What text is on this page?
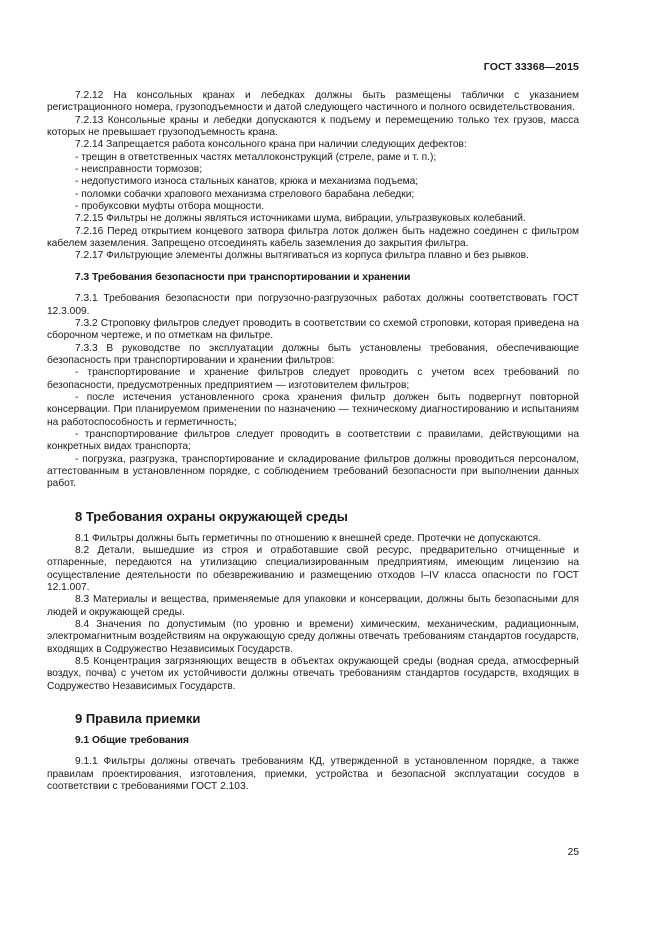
ГОСТ 33368—2015

7.2.12 На консольных кранах и лебедках должны быть размещены таблички с указанием регистрационного номера, грузоподъемности и датой следующего частичного и полного освидетельствования.

7.2.13 Консольные краны и лебедки допускаются к подъему и перемещению только тех грузов, масса которых не превышает грузоподъемность крана.

7.2.14 Запрещается работа консольного крана при наличии следующих дефектов:

- трещин в ответственных частях металлоконструкций (стреле, раме и т. п.);

- неисправности тормозов;

- недопустимого износа стальных канатов, крюка и механизма подъема;

- поломки собачки храпового механизма стрелового барабана лебедки;

- пробуксовки муфты отбора мощности.

7.2.15 Фильтры не должны являться источниками шума, вибрации, ультразвуковых колебаний.

7.2.16 Перед открытием концевого затвора фильтра лоток должен быть надежно соединен с фильтром кабелем заземления. Запрещено отсоединять кабель заземления до закрытия фильтра.

7.2.17 Фильтрующие элементы должны вытягиваться из корпуса фильтра плавно и без рывков.

7.3 Требования безопасности при транспортировании и хранении

7.3.1 Требования безопасности при погрузочно-разгрузочных работах должны соответствовать ГОСТ 12.3.009.

7.3.2 Строповку фильтров следует проводить в соответствии со схемой строповки, которая приведена на сборочном чертеже, и по отметкам на фильтре.

7.3.3 В руководстве по эксплуатации должны быть установлены требования, обеспечивающие безопасность при транспортировании и хранении фильтров:

- транспортирование и хранение фильтров следует проводить с учетом всех требований по безопасности, предусмотренных предприятием — изготовителем фильтров;

- после истечения установленного срока хранения фильтр должен быть подвергнут повторной консервации. При планируемом применении по назначению — техническому диагностированию и испытаниям на работоспособность и герметичность;

- транспортирование фильтров следует проводить в соответствии с правилами, действующими на конкретных видах транспорта;

- погрузка, разгрузка, транспортирование и складирование фильтров должны проводиться персоналом, аттестованным в установленном порядке, с соблюдением требований безопасности при выполнении данных работ.

8 Требования охраны окружающей среды

8.1 Фильтры должны быть герметичны по отношению к внешней среде. Протечки не допускаются.

8.2 Детали, вышедшие из строя и отработавшие свой ресурс, предварительно отчищенные и отпаренные, передаются на утилизацию специализированным предприятиям, имеющим лицензию на осуществление деятельности по обезвреживанию и размещению отходов I–IV класса опасности по ГОСТ 12.1.007.

8.3 Материалы и вещества, применяемые для упаковки и консервации, должны быть безопасными для людей и окружающей среды.

8.4 Значения по допустимым (по уровню и времени) химическим, механическим, радиационным, электромагнитным воздействиям на окружающую среду должны отвечать требованиям стандартов государств, входящих в Содружество Независимых Государств.

8.5 Концентрация загрязняющих веществ в объектах окружающей среды (водная среда, атмосферный воздух, почва) с учетом их устойчивости должны отвечать требованиям стандартов государств, входящих в Содружество Независимых Государств.

9 Правила приемки
9.1 Общие требования

9.1.1 Фильтры должны отвечать требованиям КД, утвержденной в установленном порядке, а также правилам проектирования, изготовления, приемки, устройства и безопасной эксплуатации сосудов в соответствии с требованиями ГОСТ 2.103.

25
